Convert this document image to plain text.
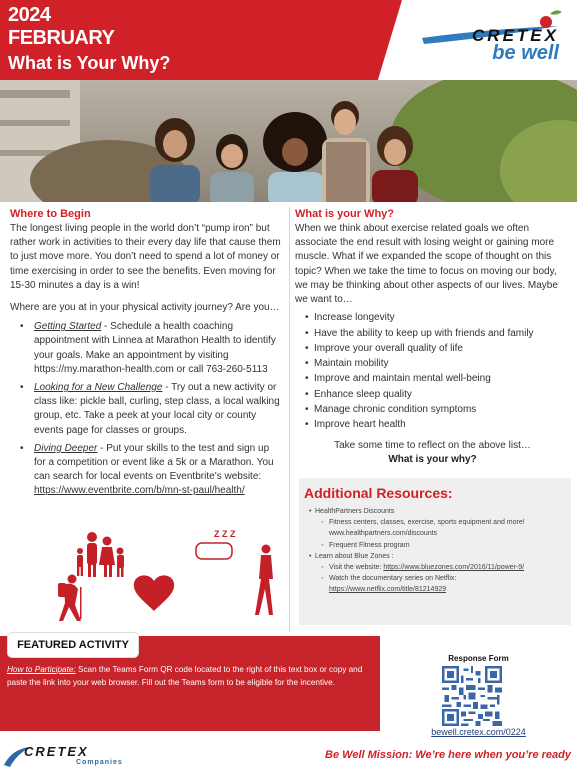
2024
FEBRUARY
What is Your Why?
CRETEX
be well
Where to Begin
The longest living people in the world don’t “pump iron” but rather work in activities to their every day life that cause them to just move more. You don’t need to spend a lot of money or time exercising in order to see the benefits. Even moving for 15-30 minutes a day is a win!
Where are you at in your physical activity journey? Are you…
• Getting Started - Schedule a health coaching appointment with Linnea at Marathon Health to identify your goals. Make an appointment by visiting https://my.marathon-health.com or call 763-260-5113
• Looking for a New Challenge - Try out a new activity or class like: pickle ball, curling, step class, a local walking group, etc. Take a peek at your local city or county events page for classes or groups.
• Diving Deeper - Put your skills to the test and sign up for a competition or event like a 5k or a Marathon. You can search for local events on Eventbrite’s website: https://www.eventbrite.com/b/mn-st-paul/health/
Z Z Z
What is your Why?
When we think about exercise related goals we often associate the end result with losing weight or gaining more muscle. What if we expanded the scope of thought on this topic? When we take the time to focus on moving our body, we may be thinking about other aspects of our lives. Maybe we want to…
• Increase longevity
• Have the ability to keep up with friends and family
• Improve your overall quality of life
• Maintain mobility
• Improve and maintain mental well-being
• Enhance sleep quality
• Manage chronic condition symptoms
• Improve heart health
Take some time to reflect on the above list…
What is your why?
Additional Resources:
• HealthPartners Discounts
◦ Fitness centers, classes, exercise, sports equipment and more! www.healthpartners.com/discounts
◦ Frequent Fitness program
• Learn about Blue Zones :
◦ Visit the website: https://www.bluezones.com/2016/11/power-9/
◦ Watch the documentary series on Netflix: https://www.netflix.com/title/81214929
FEATURED ACTIVITY
How to Participate: Scan the Teams Form QR code located to the right of this text box or copy and paste the link into your web browser. Fill out the Teams form to be eligible for the incentive.
Response Form
bewell.cretex.com/0224
CRETEX
Companies
Be Well Mission: We’re here when you’re ready
